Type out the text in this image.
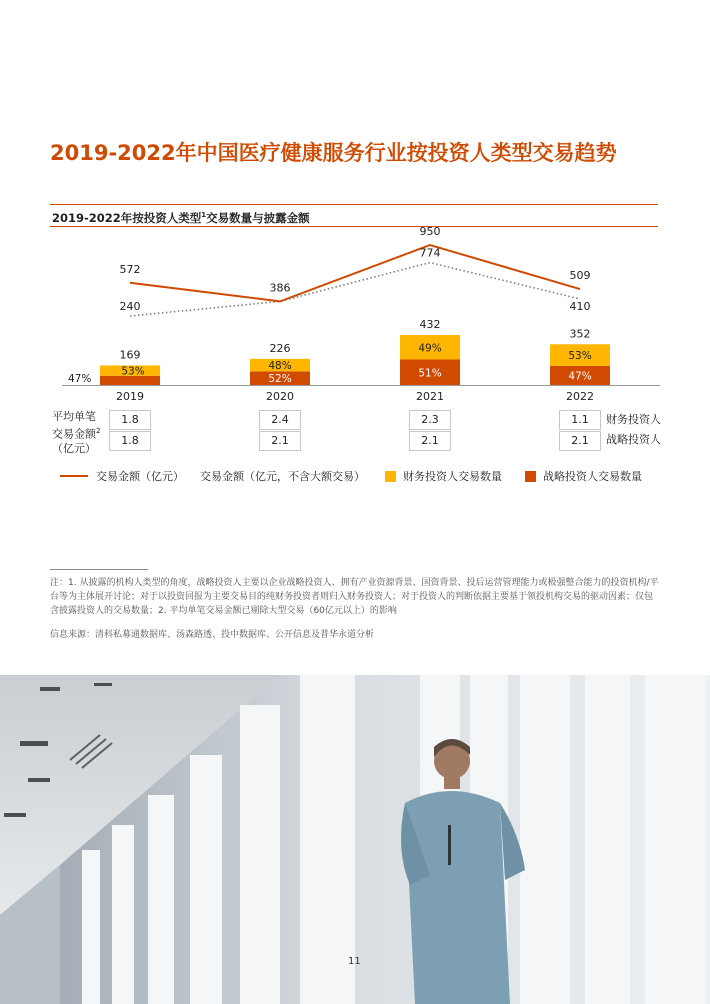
2019-2022年中国医疗健康服务行业按投资人类型交易趋势
2019-2022年按投资人类型$^1$交易数量与披露金额
169
53%
47%
2019
226
48%
52%
2020
432
49%
51%
2021
352
53%
47%
2022
572
240
386
950
774
509
410
平均单笔
交易金额$^2$
（亿元）
1.8	2.4	2.3	1.1
1.8	2.1	2.1	2.1
财务投资人
战略投资人
交易金额（亿元） 交易金额（亿元，不含大额交易）	财务投资人交易数量	战略投资人交易数量
注：1. 从披露的机构人类型的角度，战略投资人主要以企业战略投资人、拥有产业资源背景、国资背景、投后运营管理能力或极强整合能力的投资机构/平台等为主体展开讨论；对于以投资回报为主要交易目的纯财务投资者则归入财务投资人；对于投资人的判断依据主要基于领投机构交易的驱动因素；仅包含披露投资人的交易数量；2. 平均单笔交易金额已剔除大型交易（60亿元以上）的影响
信息来源：清科私募通数据库、汤森路透、投中数据库、公开信息及普华永道分析
11
